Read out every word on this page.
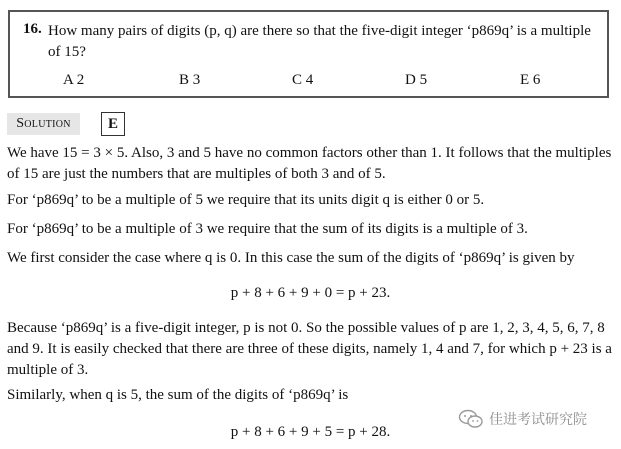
16. How many pairs of digits (p, q) are there so that the five-digit integer ‘p869q’ is a multiple of 15?
A 2	B 3	C 4	D 5	E 6
Solution	E
We have 15 = 3 × 5. Also, 3 and 5 have no common factors other than 1. It follows that the multiples of 15 are just the numbers that are multiples of both 3 and of 5.
For ‘p869q’ to be a multiple of 5 we require that its units digit q is either 0 or 5.
For ‘p869q’ to be a multiple of 3 we require that the sum of its digits is a multiple of 3.
We first consider the case where q is 0. In this case the sum of the digits of ‘p869q’ is given by
p + 8 + 6 + 9 + 0 = p + 23.
Because ‘p869q’ is a five-digit integer, p is not 0. So the possible values of p are 1, 2, 3, 4, 5, 6, 7, 8 and 9. It is easily checked that there are three of these digits, namely 1, 4 and 7, for which p + 23 is a multiple of 3.
Similarly, when q is 5, the sum of the digits of ‘p869q’ is
p + 8 + 6 + 9 + 5 = p + 28.
佳进考试研究院
